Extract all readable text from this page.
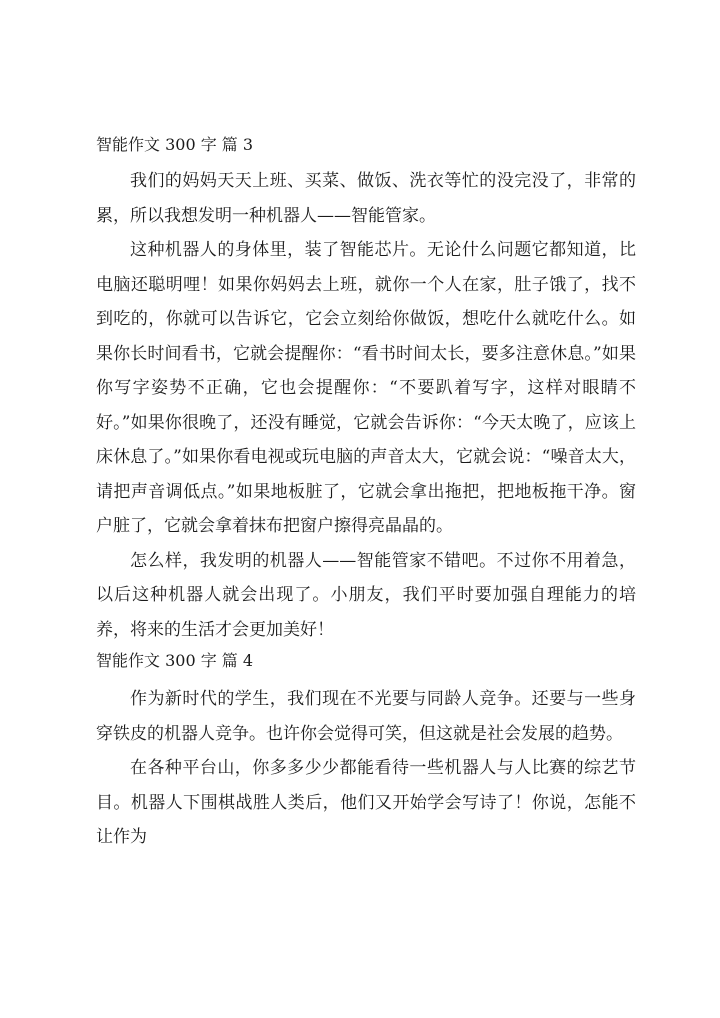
智能作文 300 字 篇 3

我们的妈妈天天上班、买菜、做饭、洗衣等忙的没完没了，非常的累，所以我想发明一种机器人——智能管家。

这种机器人的身体里，装了智能芯片。无论什么问题它都知道，比电脑还聪明哩！如果你妈妈去上班，就你一个人在家，肚子饿了，找不到吃的，你就可以告诉它，它会立刻给你做饭，想吃什么就吃什么。如果你长时间看书，它就会提醒你：“看书时间太长，要多注意休息。”如果你写字姿势不正确，它也会提醒你：“不要趴着写字，这样对眼睛不好。”如果你很晚了，还没有睡觉，它就会告诉你：“今天太晚了，应该上床休息了。”如果你看电视或玩电脑的声音太大，它就会说：“噪音太大，请把声音调低点。”如果地板脏了，它就会拿出拖把，把地板拖干净。窗户脏了，它就会拿着抹布把窗户擦得亮晶晶的。

怎么样，我发明的机器人——智能管家不错吧。不过你不用着急，以后这种机器人就会出现了。小朋友，我们平时要加强自理能力的培养，将来的生活才会更加美好！

智能作文 300 字 篇 4

作为新时代的学生，我们现在不光要与同龄人竞争。还要与一些身穿铁皮的机器人竞争。也许你会觉得可笑，但这就是社会发展的趋势。

在各种平台山，你多多少少都能看待一些机器人与人比赛的综艺节目。机器人下围棋战胜人类后，他们又开始学会写诗了！你说，怎能不让作为
